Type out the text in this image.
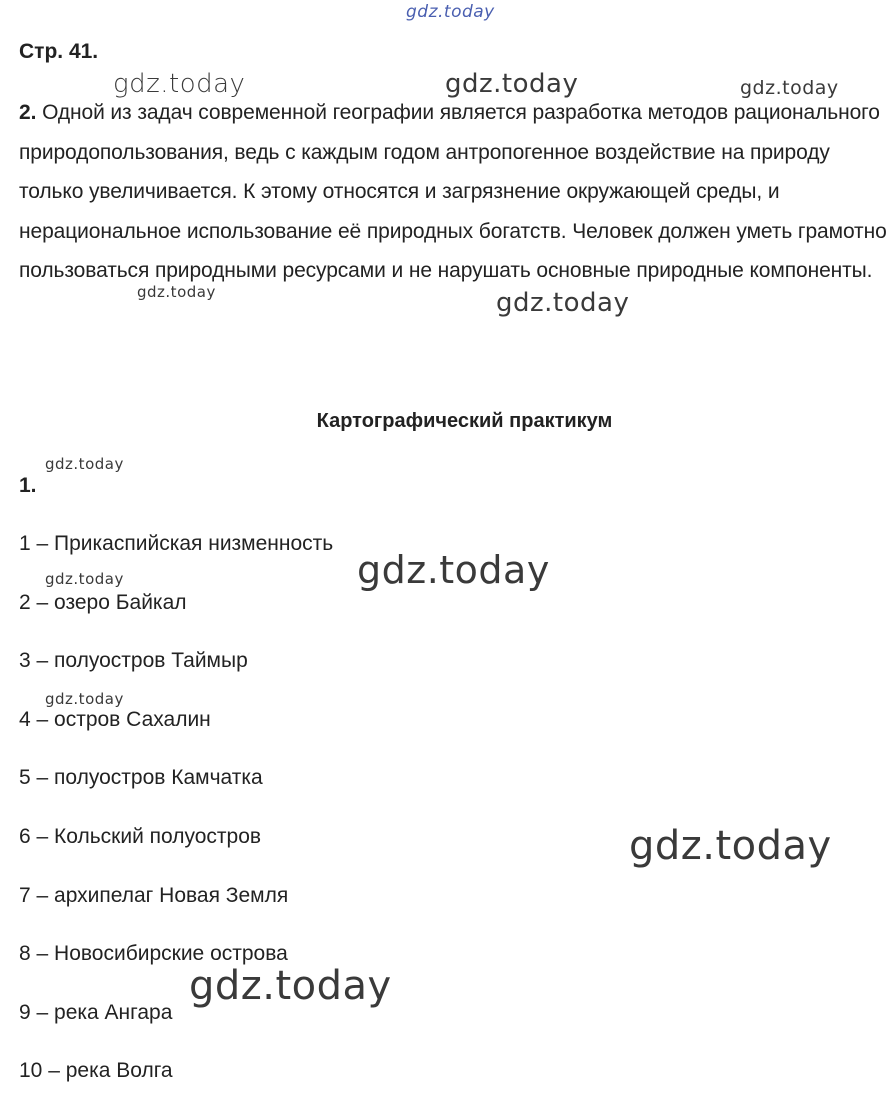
gdz.today
gdz.today	gdz.today	gdz.today
Стр. 41.

2. Одной из задач современной географии является разработка методов рационального природопользования, ведь с каждым годом антропогенное воздействие на природу только увеличивается. К этому относятся и загрязнение окружающей среды, и нерациональное использование её природных богатств. Человек должен уметь грамотно пользоваться природными ресурсами и не нарушать основные природные компоненты.

gdz.today	gdz.today
Картографический практикум
gdz.today
1.
1 – Прикаспийская низменность
2 – озеро Байкал
3 – полуостров Таймыр
4 – остров Сахалин
5 – полуостров Камчатка
6 – Кольский полуостров
7 – архипелаг Новая Земля
8 – Новосибирские острова
9 – река Ангара
10 – река Волга
gdz.today
gdz.today
gdz.today
gdz.today
gdz.today
